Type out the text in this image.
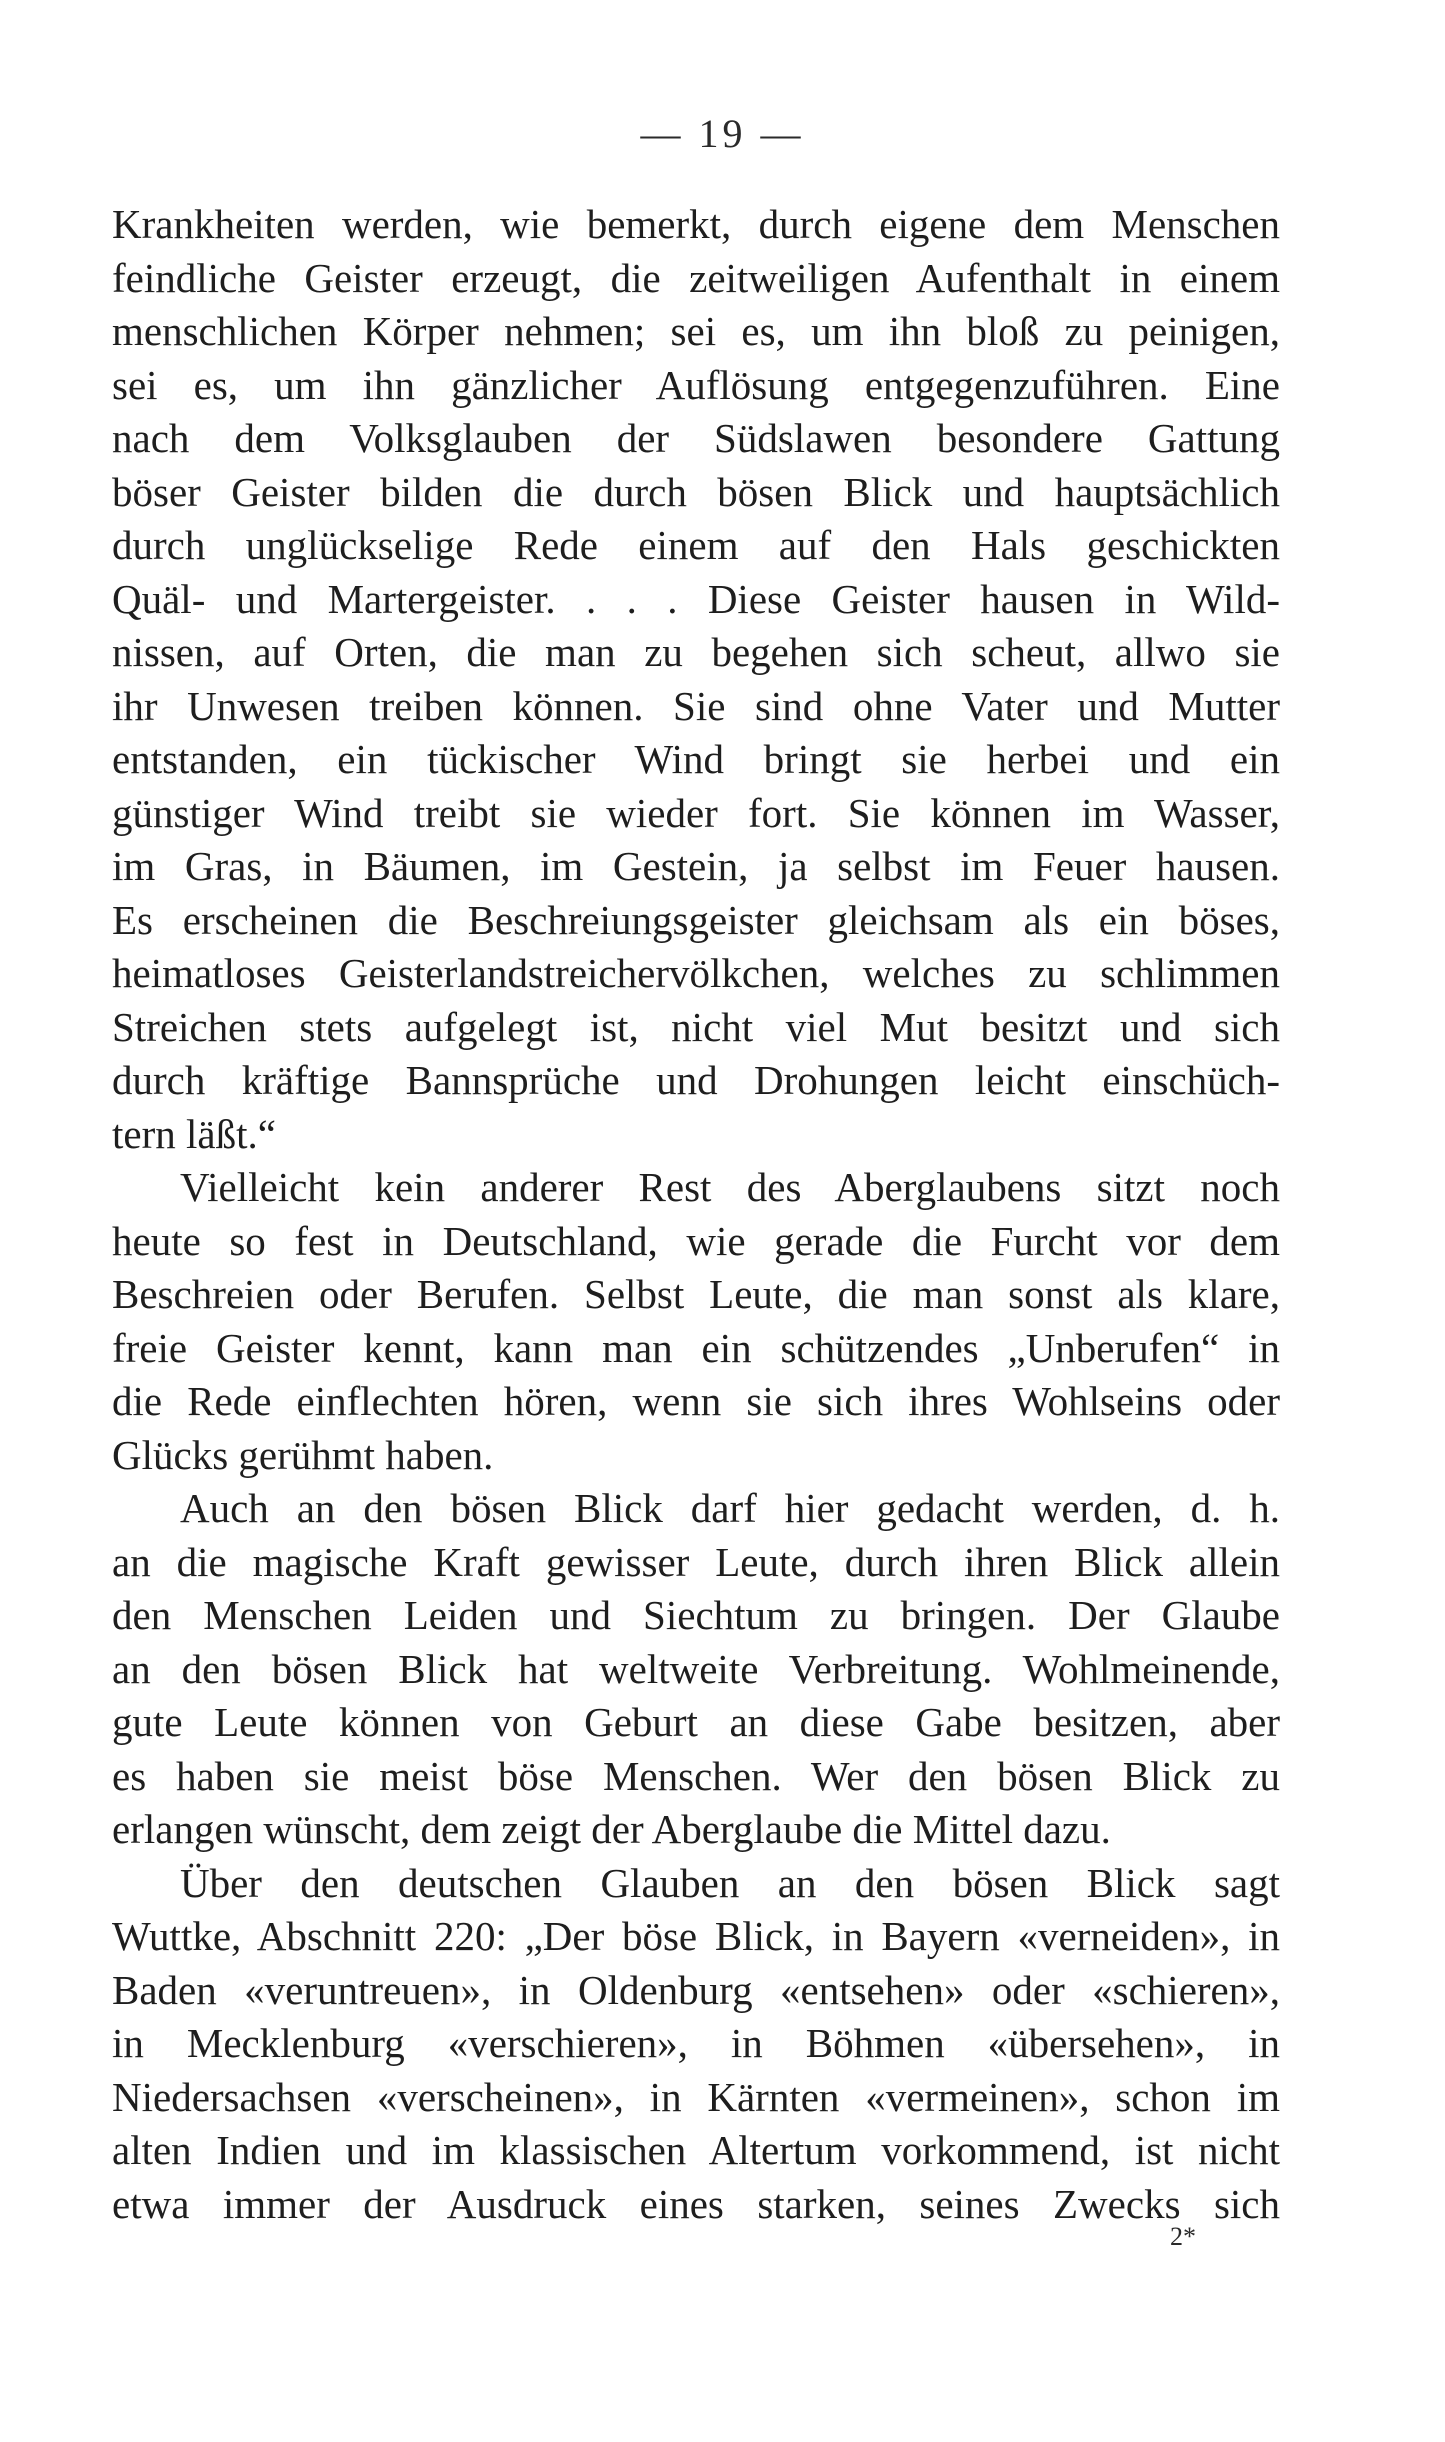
— 19 —
Krankheiten werden, wie bemerkt, durch eigene dem Menschen
feindliche Geister erzeugt, die zeitweiligen Aufenthalt in einem
menschlichen Körper nehmen; sei es, um ihn bloß zu peinigen,
sei es, um ihn gänzlicher Auflösung entgegenzuführen. Eine
nach dem Volksglauben der Südslawen besondere Gattung
böser Geister bilden die durch bösen Blick und hauptsächlich
durch unglückselige Rede einem auf den Hals geschickten
Quäl- und Martergeister. . . . Diese Geister hausen in Wild-
nissen, auf Orten, die man zu begehen sich scheut, allwo sie
ihr Unwesen treiben können. Sie sind ohne Vater und Mutter
entstanden, ein tückischer Wind bringt sie herbei und ein
günstiger Wind treibt sie wieder fort. Sie können im Wasser,
im Gras, in Bäumen, im Gestein, ja selbst im Feuer hausen.
Es erscheinen die Beschreiungsgeister gleichsam als ein böses,
heimatloses Geisterlandstreichervölkchen, welches zu schlimmen
Streichen stets aufgelegt ist, nicht viel Mut besitzt und sich
durch kräftige Bannsprüche und Drohungen leicht einschüch-
tern läßt.“
Vielleicht kein anderer Rest des Aberglaubens sitzt noch
heute so fest in Deutschland, wie gerade die Furcht vor dem
Beschreien oder Berufen. Selbst Leute, die man sonst als klare,
freie Geister kennt, kann man ein schützendes „Unberufen“ in
die Rede einflechten hören, wenn sie sich ihres Wohlseins oder
Glücks gerühmt haben.
Auch an den bösen Blick darf hier gedacht werden, d. h.
an die magische Kraft gewisser Leute, durch ihren Blick allein
den Menschen Leiden und Siechtum zu bringen. Der Glaube
an den bösen Blick hat weltweite Verbreitung. Wohlmeinende,
gute Leute können von Geburt an diese Gabe besitzen, aber
es haben sie meist böse Menschen. Wer den bösen Blick zu
erlangen wünscht, dem zeigt der Aberglaube die Mittel dazu.
Über den deutschen Glauben an den bösen Blick sagt
Wuttke, Abschnitt 220: „Der böse Blick, in Bayern «verneiden», in
Baden «veruntreuen», in Oldenburg «entsehen» oder «schieren»,
in Mecklenburg «verschieren», in Böhmen «übersehen», in
Niedersachsen «verscheinen», in Kärnten «vermeinen», schon im
alten Indien und im klassischen Altertum vorkommend, ist nicht
etwa immer der Ausdruck eines starken, seines Zwecks sich
2*
